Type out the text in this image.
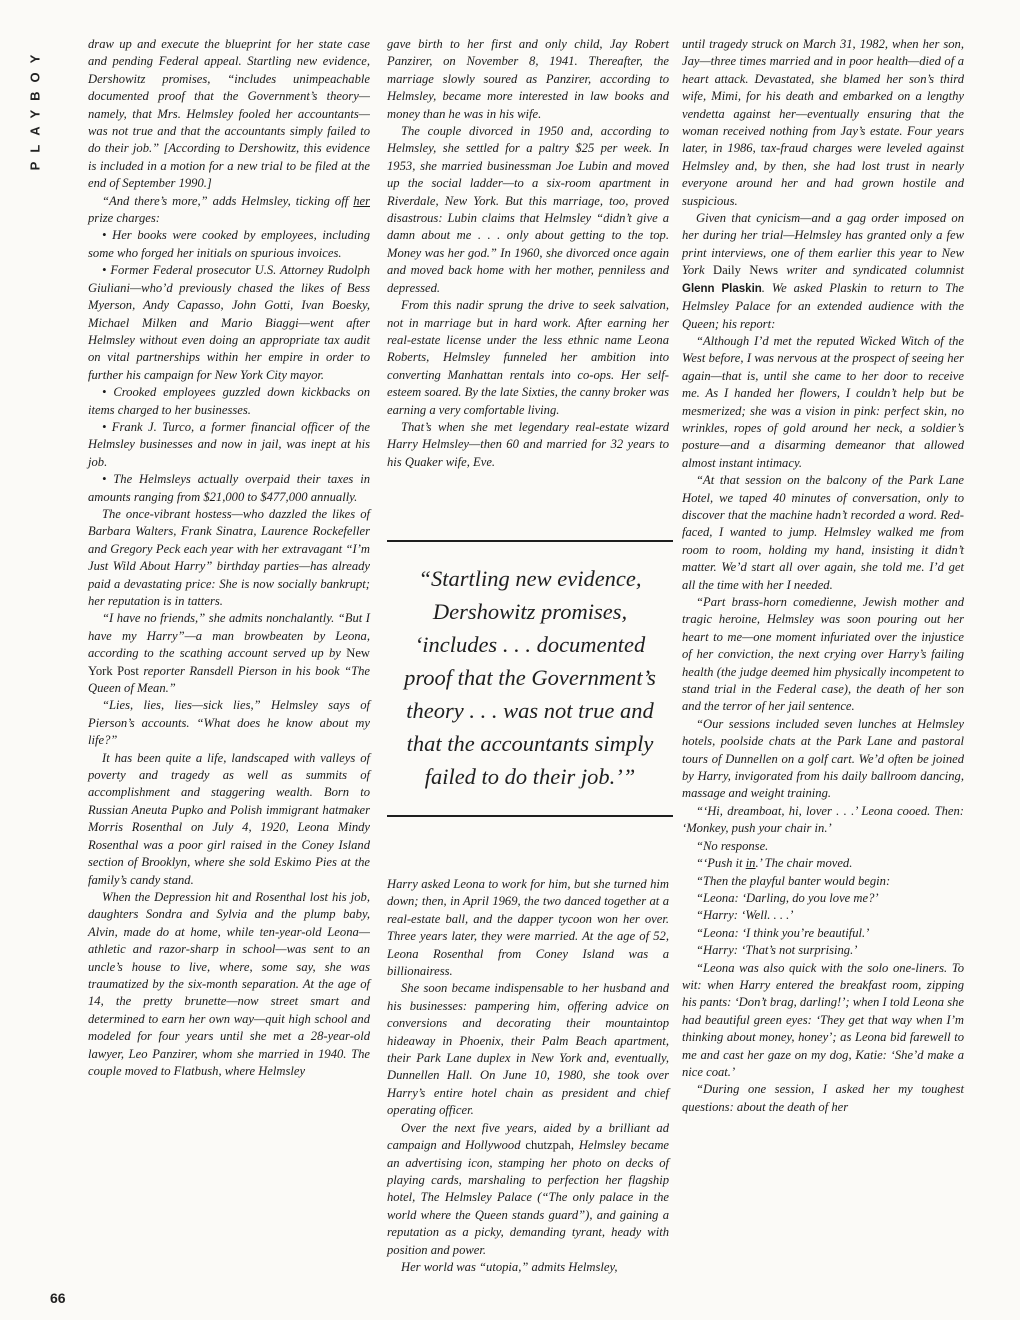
PLAYBOY

draw up and execute the blueprint for her state case and pending Federal appeal. Startling new evidence, Dershowitz promises, “includes unimpeachable documented proof that the Government’s theory—namely, that Mrs. Helmsley fooled her accountants—was not true and that the accountants simply failed to do their job.” [According to Dershowitz, this evidence is included in a motion for a new trial to be filed at the end of September 1990.]

“And there’s more,” adds Helmsley, ticking off her prize charges:

• Her books were cooked by employees, including some who forged her initials on spurious invoices.

• Former Federal prosecutor U.S. Attorney Rudolph Giuliani—who’d previously chased the likes of Bess Myerson, Andy Capasso, John Gotti, Ivan Boesky, Michael Milken and Mario Biaggi—went after Helmsley without even doing an appropriate tax audit on vital partnerships within her empire in order to further his campaign for New York City mayor.

• Crooked employees guzzled down kickbacks on items charged to her businesses.

• Frank J. Turco, a former financial officer of the Helmsley businesses and now in jail, was inept at his job.

• The Helmsleys actually overpaid their taxes in amounts ranging from $21,000 to $477,000 annually.

The once-vibrant hostess—who dazzled the likes of Barbara Walters, Frank Sinatra, Laurence Rockefeller and Gregory Peck each year with her extravagant “I’m Just Wild About Harry” birthday parties—has already paid a devastating price: She is now socially bankrupt; her reputation is in tatters.

“I have no friends,” she admits nonchalantly. “But I have my Harry”—a man browbeaten by Leona, according to the scathing account served up by New York Post reporter Ransdell Pierson in his book “The Queen of Mean.”

“Lies, lies, lies—sick lies,” Helmsley says of Pierson’s accounts. “What does he know about my life?”

It has been quite a life, landscaped with valleys of poverty and tragedy as well as summits of accomplishment and staggering wealth. Born to Russian Aneuta Pupko and Polish immigrant hatmaker Morris Rosenthal on July 4, 1920, Leona Mindy Rosenthal was a poor girl raised in the Coney Island section of Brooklyn, where she sold Eskimo Pies at the family’s candy stand.

When the Depression hit and Rosenthal lost his job, daughters Sondra and Sylvia and the plump baby, Alvin, made do at home, while ten-year-old Leona—athletic and razor-sharp in school—was sent to an uncle’s house to live, where, some say, she was traumatized by the six-month separation. At the age of 14, the pretty brunette—now street smart and determined to earn her own way—quit high school and modeled for four years until she met a 28-year-old lawyer, Leo Panzirer, whom she married in 1940. The couple moved to Flatbush, where Helmsley

gave birth to her first and only child, Jay Robert Panzirer, on November 8, 1941. Thereafter, the marriage slowly soured as Panzirer, according to Helmsley, became more interested in law books and money than he was in his wife.

The couple divorced in 1950 and, according to Helmsley, she settled for a paltry $25 per week. In 1953, she married businessman Joe Lubin and moved up the social ladder—to a six-room apartment in Riverdale, New York. But this marriage, too, proved disastrous: Lubin claims that Helmsley “didn’t give a damn about me . . . only about getting to the top. Money was her god.” In 1960, she divorced once again and moved back home with her mother, penniless and depressed.

From this nadir sprung the drive to seek salvation, not in marriage but in hard work. After earning her real-estate license under the less ethnic name Leona Roberts, Helmsley funneled her ambition into converting Manhattan rentals into co-ops. Her self-esteem soared. By the late Sixties, the canny broker was earning a very comfortable living.

That’s when she met legendary real-estate wizard Harry Helmsley—then 60 and married for 32 years to his Quaker wife, Eve.

“Startling new evidence, Dershowitz promises, ‘includes . . . documented proof that the Government’s theory . . . was not true and that the accountants simply failed to do their job.’”

Harry asked Leona to work for him, but she turned him down; then, in April 1969, the two danced together at a real-estate ball, and the dapper tycoon won her over. Three years later, they were married. At the age of 52, Leona Rosenthal from Coney Island was a billionairess.

She soon became indispensable to her husband and his businesses: pampering him, offering advice on conversions and decorating their mountaintop hideaway in Phoenix, their Palm Beach apartment, their Park Lane duplex in New York and, eventually, Dunnellen Hall. On June 10, 1980, she took over Harry’s entire hotel chain as president and chief operating officer.

Over the next five years, aided by a brilliant ad campaign and Hollywood chutzpah, Helmsley became an advertising icon, stamping her photo on decks of playing cards, marshaling to perfection her flagship hotel, The Helmsley Palace (“The only palace in the world where the Queen stands guard”), and gaining a reputation as a picky, demanding tyrant, heady with position and power.

Her world was “utopia,” admits Helmsley,

until tragedy struck on March 31, 1982, when her son, Jay—three times married and in poor health—died of a heart attack. Devastated, she blamed her son’s third wife, Mimi, for his death and embarked on a lengthy vendetta against her—eventually ensuring that the woman received nothing from Jay’s estate. Four years later, in 1986, tax-fraud charges were leveled against Helmsley and, by then, she had lost trust in nearly everyone around her and had grown hostile and suspicious.

Given that cynicism—and a gag order imposed on her during her trial—Helmsley has granted only a few print interviews, one of them earlier this year to New York Daily News writer and syndicated columnist Glenn Plaskin. We asked Plaskin to return to The Helmsley Palace for an extended audience with the Queen; his report:

“Although I’d met the reputed Wicked Witch of the West before, I was nervous at the prospect of seeing her again—that is, until she came to her door to receive me. As I handed her flowers, I couldn’t help but be mesmerized; she was a vision in pink: perfect skin, no wrinkles, ropes of gold around her neck, a soldier’s posture—and a disarming demeanor that allowed almost instant intimacy.

“At that session on the balcony of the Park Lane Hotel, we taped 40 minutes of conversation, only to discover that the machine hadn’t recorded a word. Red-faced, I wanted to jump. Helmsley walked me from room to room, holding my hand, insisting it didn’t matter. We’d start all over again, she told me. I’d get all the time with her I needed.

“Part brass-horn comedienne, Jewish mother and tragic heroine, Helmsley was soon pouring out her heart to me—one moment infuriated over the injustice of her conviction, the next crying over Harry’s failing health (the judge deemed him physically incompetent to stand trial in the Federal case), the death of her son and the terror of her jail sentence.

“Our sessions included seven lunches at Helmsley hotels, poolside chats at the Park Lane and pastoral tours of Dunnellen on a golf cart. We’d often be joined by Harry, invigorated from his daily ballroom dancing, massage and weight training.

“‘Hi, dreamboat, hi, lover . . .’ Leona cooed. Then: ‘Monkey, push your chair in.’

“No response.

“‘Push it in.’ The chair moved.

“Then the playful banter would begin:

“Leona: ‘Darling, do you love me?’

“Harry: ‘Well. . . .’

“Leona: ‘I think you’re beautiful.’

“Harry: ‘That’s not surprising.’

“Leona was also quick with the solo one-liners. To wit: when Harry entered the breakfast room, zipping his pants: ‘Don’t brag, darling!’; when I told Leona she had beautiful green eyes: ‘They get that way when I’m thinking about money, honey’; as Leona bid farewell to me and cast her gaze on my dog, Katie: ‘She’d make a nice coat.’

“During one session, I asked her my toughest questions: about the death of her

66
